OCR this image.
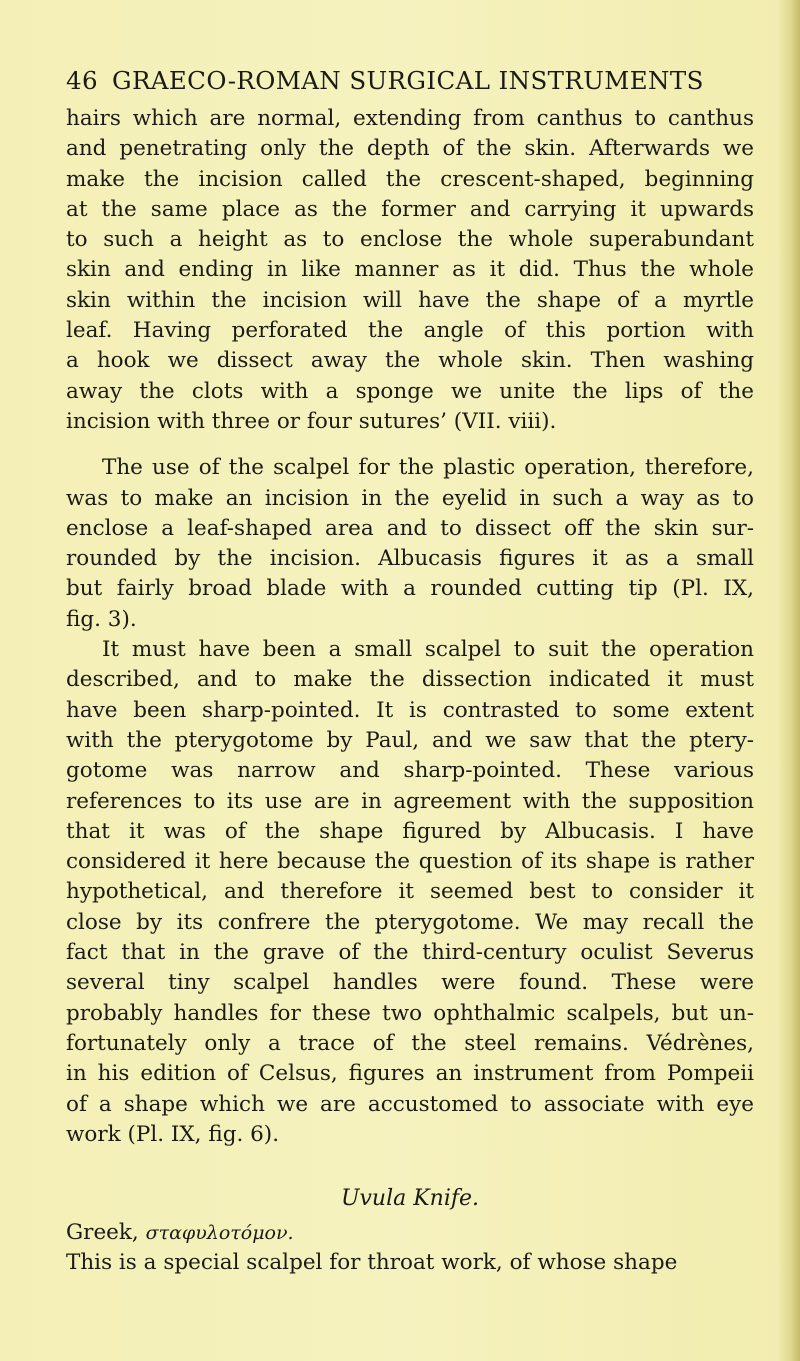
46 GRAECO-ROMAN SURGICAL INSTRUMENTS
hairs which are normal, extending from canthus to canthus
and penetrating only the depth of the skin. Afterwards we
make the incision called the crescent-shaped, beginning
at the same place as the former and carrying it upwards
to such a height as to enclose the whole superabundant
skin and ending in like manner as it did. Thus the whole
skin within the incision will have the shape of a myrtle
leaf. Having perforated the angle of this portion with
a hook we dissect away the whole skin. Then washing
away the clots with a sponge we unite the lips of the
incision with three or four sutures’ (VII. viii).
The use of the scalpel for the plastic operation, therefore,
was to make an incision in the eyelid in such a way as to
enclose a leaf-shaped area and to dissect off the skin sur-
rounded by the incision. Albucasis figures it as a small
but fairly broad blade with a rounded cutting tip (Pl. IX,
fig. 3).
It must have been a small scalpel to suit the operation
described, and to make the dissection indicated it must
have been sharp-pointed. It is contrasted to some extent
with the pterygotome by Paul, and we saw that the ptery-
gotome was narrow and sharp-pointed. These various
references to its use are in agreement with the supposition
that it was of the shape figured by Albucasis. I have
considered it here because the question of its shape is rather
hypothetical, and therefore it seemed best to consider it
close by its confrere the pterygotome. We may recall the
fact that in the grave of the third-century oculist Severus
several tiny scalpel handles were found. These were
probably handles for these two ophthalmic scalpels, but un-
fortunately only a trace of the steel remains. Védrènes,
in his edition of Celsus, figures an instrument from Pompeii
of a shape which we are accustomed to associate with eye
work (Pl. IX, fig. 6).
Uvula Knife.
Greek, σταφυλοτόμον.
This is a special scalpel for throat work, of whose shape
